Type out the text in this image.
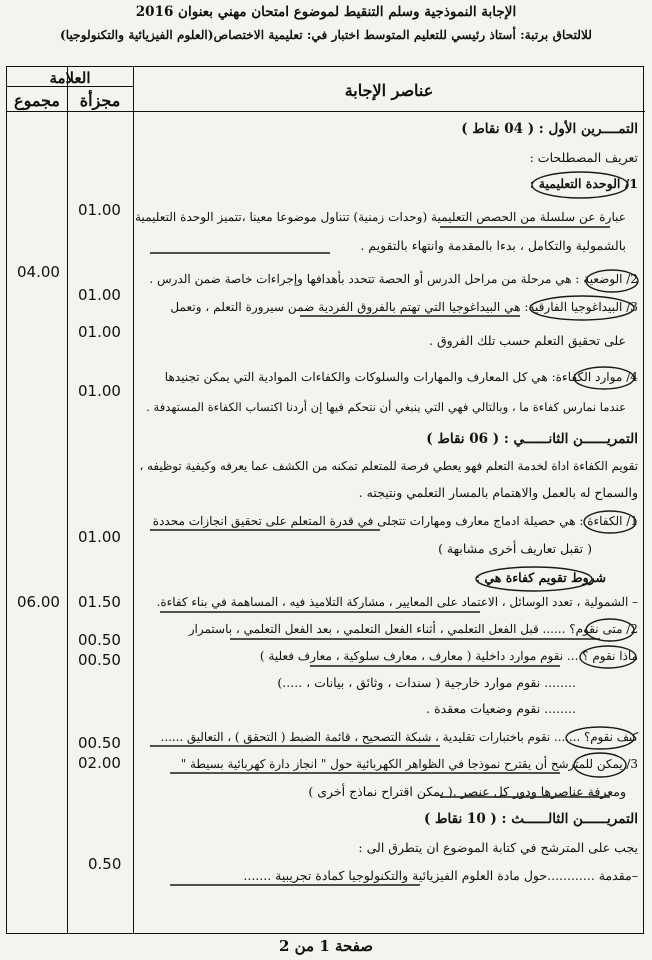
الإجابة النموذجية وسلم التنقيط لموضوع امتحان مهني بعنوان 2016
للالتحاق برتبة: أستاذ رئيسي للتعليم المتوسط اختبار في: تعليمية الاختصاص(العلوم الفيزيائية والتكنولوجيا)
العلامة
مجزأة
مجموع
عناصر الإجابة
04.00
06.00
01.00
01.00
01.00
01.00
01.00
01.50
00.50
00.50
00.50
02.00
0.50
التمــــرين الأول : ( 04 نقاط )
تعريف المصطلحات :
1/ الوحدة التعليمية :
عبارة عن سلسلة من الحصص التعليمية (وحدات زمنية) تتناول موضوعا معينا ،تتميز الوحدة التعليمية
بالشمولية والتكامل ، بدءا بالمقدمة وانتهاء بالتقويم .
2/ الوضعية : هي مرحلة من مراحل الدرس أو الحصة تتحدد بأهدافها وإجراءات خاصة ضمن الدرس .
3/ البيداغوجيا الفارقية: هي البيداغوجيا التي تهتم بالفروق الفردية ضمن سيرورة التعلم ، وتعمل
على تحقيق التعلم حسب تلك الفروق .
4/ موارد الكفاءة: هي كل المعارف والمهارات والسلوكات والكفاءات الموادية التي يمكن تجنيدها
عندما نمارس كفاءة ما ، وبالتالي فهي التي ينبغي أن نتحكم فيها إن أردنا اكتساب الكفاءة المستهدفة .
التمريــــــن الثانــــــي : ( 06 نقاط )
تقويم الكفاءة اداة لخدمة التعلم فهو يعطي فرصة للمتعلم تمكنه من الكشف عما يعرفه وكيفية توظيفه ،
والسماح له بالعمل والاهتمام بالمسار التعلمي ونتيجته .
1/ الكفاءة : هي حصيلة ادماج معارف ومهارات تتجلى في قدرة المتعلم على تحقيق انجازات محددة
( تقبل تعاريف أخرى مشابهة )
شروط تقويم كفاءة هي :
– الشمولية ، تعدد الوسائل ، الاعتماد على المعايير ، مشاركة التلاميذ فيه ، المساهمة في بناء كفاءة.
2/ متى نقوم؟ ...... قبل الفعل التعلمي ، أثناء الفعل التعلمي ، بعد الفعل التعلمي ، باستمرار
ماذا نقوم ؟.... نقوم موارد داخلية ( معارف ، معارف سلوكية ، معارف فعلية )
........ نقوم موارد خارجية ( سندات ، وثائق ، بيانات ، .....)
........ نقوم وضعيات معقدة .
كيف نقوم؟ ....... نقوم باختبارات تقليدية ، شبكة التصحيح ، قائمة الضبط ( التحقق ) ، التعاليق ......
3/ يمكن للمترشح أن يقترح نموذجا في الظواهر الكهربائية حول " انجاز دارة كهربائية بسيطة "
ومعرفة عناصرها ودور كل عنصر .( يمكن اقتراح نماذج أخرى )
التمريــــــن الثالــــــث : ( 10 نقاط )
يجب على المترشح في كتابة الموضوع ان يتطرق الى :
–مقدمة ............حول مادة العلوم الفيزيائية والتكنولوجيا كمادة تجريبية .......
صفحة 1 من 2
